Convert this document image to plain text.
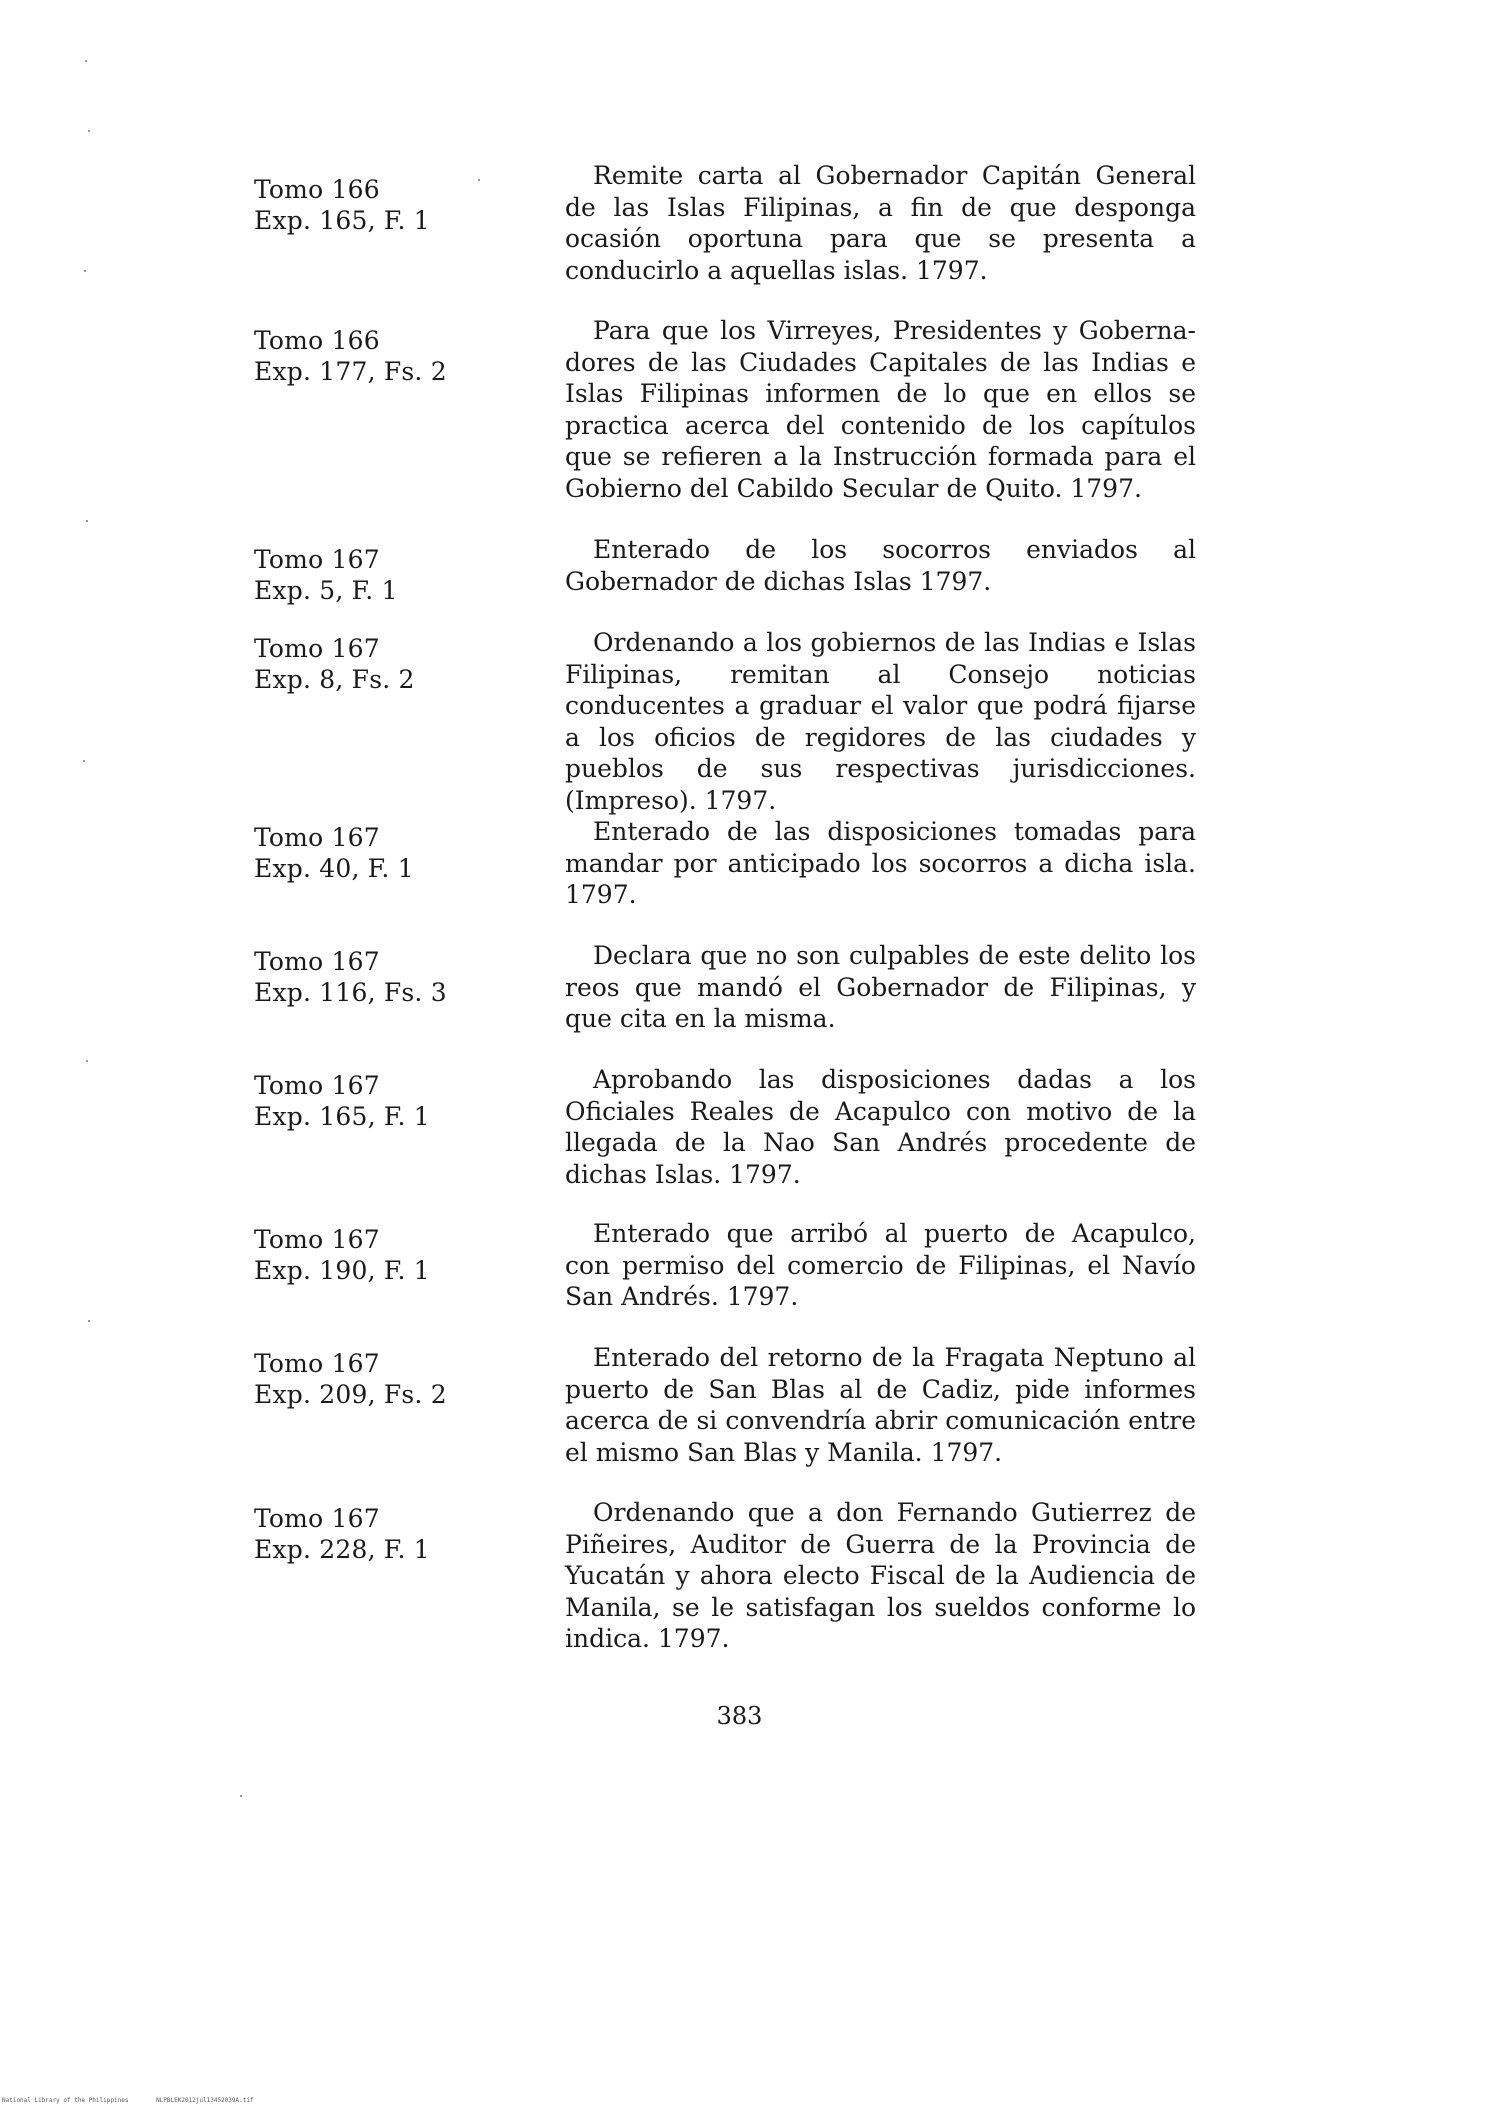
Tomo 166
Exp. 165, F. 1

Remite carta al Gobernador Capitán General de las Islas Filipinas, a fin de que desponga ocasión oportuna para que se presenta a conducirlo a aquellas islas. 1797.

Tomo 166
Exp. 177, Fs. 2

Para que los Virreyes, Presidentes y Gobernadores de las Ciudades Capitales de las Indias e Islas Filipinas informen de lo que en ellos se practica acerca del contenido de los capítulos que se refieren a la Instrucción formada para el Gobierno del Cabildo Secular de Quito. 1797.

Tomo 167
Exp. 5, F. 1

Enterado de los socorros enviados al Gobernador de dichas Islas 1797.

Tomo 167
Exp. 8, Fs. 2

Ordenando a los gobiernos de las Indias e Islas Filipinas, remitan al Consejo noticias conducentes a graduar el valor que podrá fijarse a los oficios de regidores de las ciudades y pueblos de sus respectivas jurisdicciones. (Impreso). 1797.

Tomo 167
Exp. 40, F. 1

Enterado de las disposiciones tomadas para mandar por anticipado los socorros a dicha isla. 1797.

Tomo 167
Exp. 116, Fs. 3

Declara que no son culpables de este delito los reos que mandó el Gobernador de Filipinas, y que cita en la misma.

Tomo 167
Exp. 165, F. 1

Aprobando las disposiciones dadas a los Oficiales Reales de Acapulco con motivo de la llegada de la Nao San Andrés procedente de dichas Islas. 1797.

Tomo 167
Exp. 190, F. 1

Enterado que arribó al puerto de Acapulco, con permiso del comercio de Filipinas, el Navío San Andrés. 1797.

Tomo 167
Exp. 209, Fs. 2

Enterado del retorno de la Fragata Neptuno al puerto de San Blas al de Cadiz, pide informes acerca de si convendría abrir comunicación entre el mismo San Blas y Manila. 1797.

Tomo 167
Exp. 228, F. 1

Ordenando que a don Fernando Gutierrez de Piñeires, Auditor de Guerra de la Provincia de Yucatán y ahora electo Fiscal de la Audiencia de Manila, se le satisfagan los sueldos conforme lo indica. 1797.

383
National Library of the Philippines	NLPBLEK2012jul13452039A.tif
